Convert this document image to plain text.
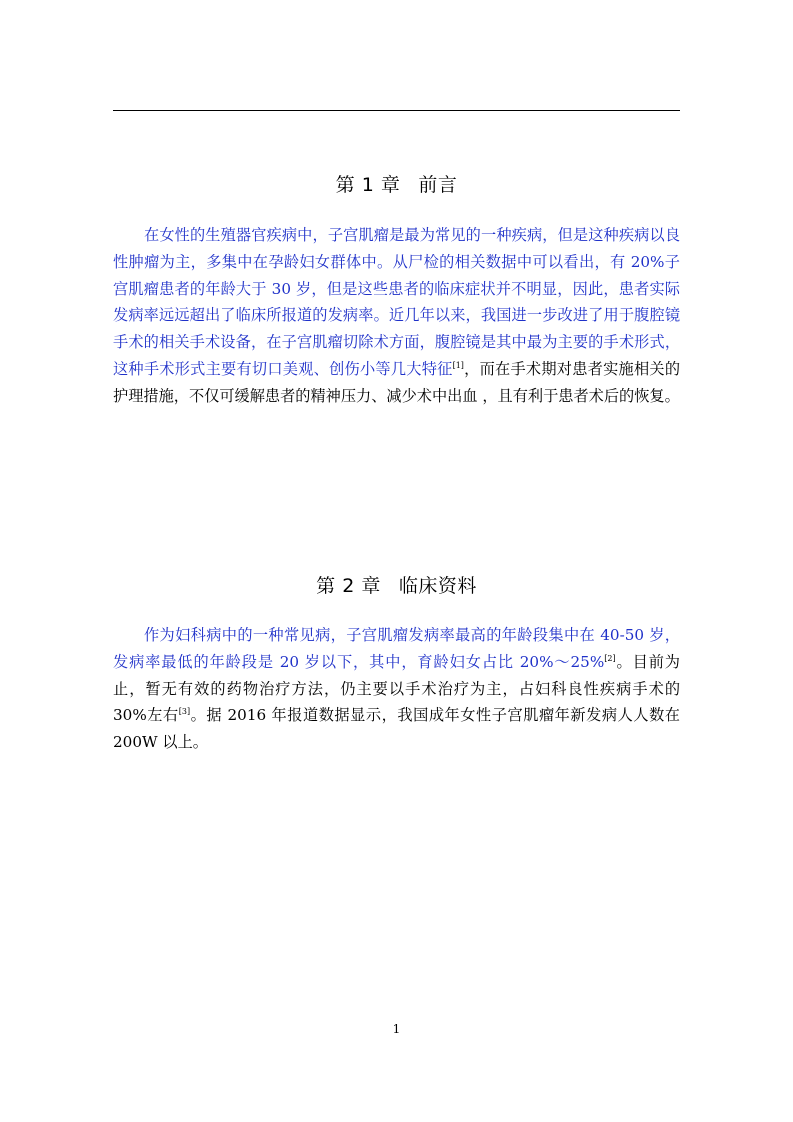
第 1 章 前言

在女性的生殖器官疾病中，子宫肌瘤是最为常见的一种疾病，但是这种疾病以良性肿瘤为主，多集中在孕龄妇女群体中。从尸检的相关数据中可以看出，有 20%子宫肌瘤患者的年龄大于 30 岁，但是这些患者的临床症状并不明显，因此，患者实际发病率远远超出了临床所报道的发病率。近几年以来，我国进一步改进了用于腹腔镜手术的相关手术设备，在子宫肌瘤切除术方面，腹腔镜是其中最为主要的手术形式，这种手术形式主要有切口美观、创伤小等几大特征[1]，而在手术期对患者实施相关的护理措施，不仅可缓解患者的精神压力、减少术中出血 ，且有利于患者术后的恢复。

第 2 章 临床资料

作为妇科病中的一种常见病，子宫肌瘤发病率最高的年龄段集中在 40-50 岁，发病率最低的年龄段是 20 岁以下，其中，育龄妇女占比 20%～25%[2]。目前为止，暂无有效的药物治疗方法，仍主要以手术治疗为主，占妇科良性疾病手术的 30%左右[3]。据 2016 年报道数据显示，我国成年女性子宫肌瘤年新发病人人数在 200W 以上。

1
